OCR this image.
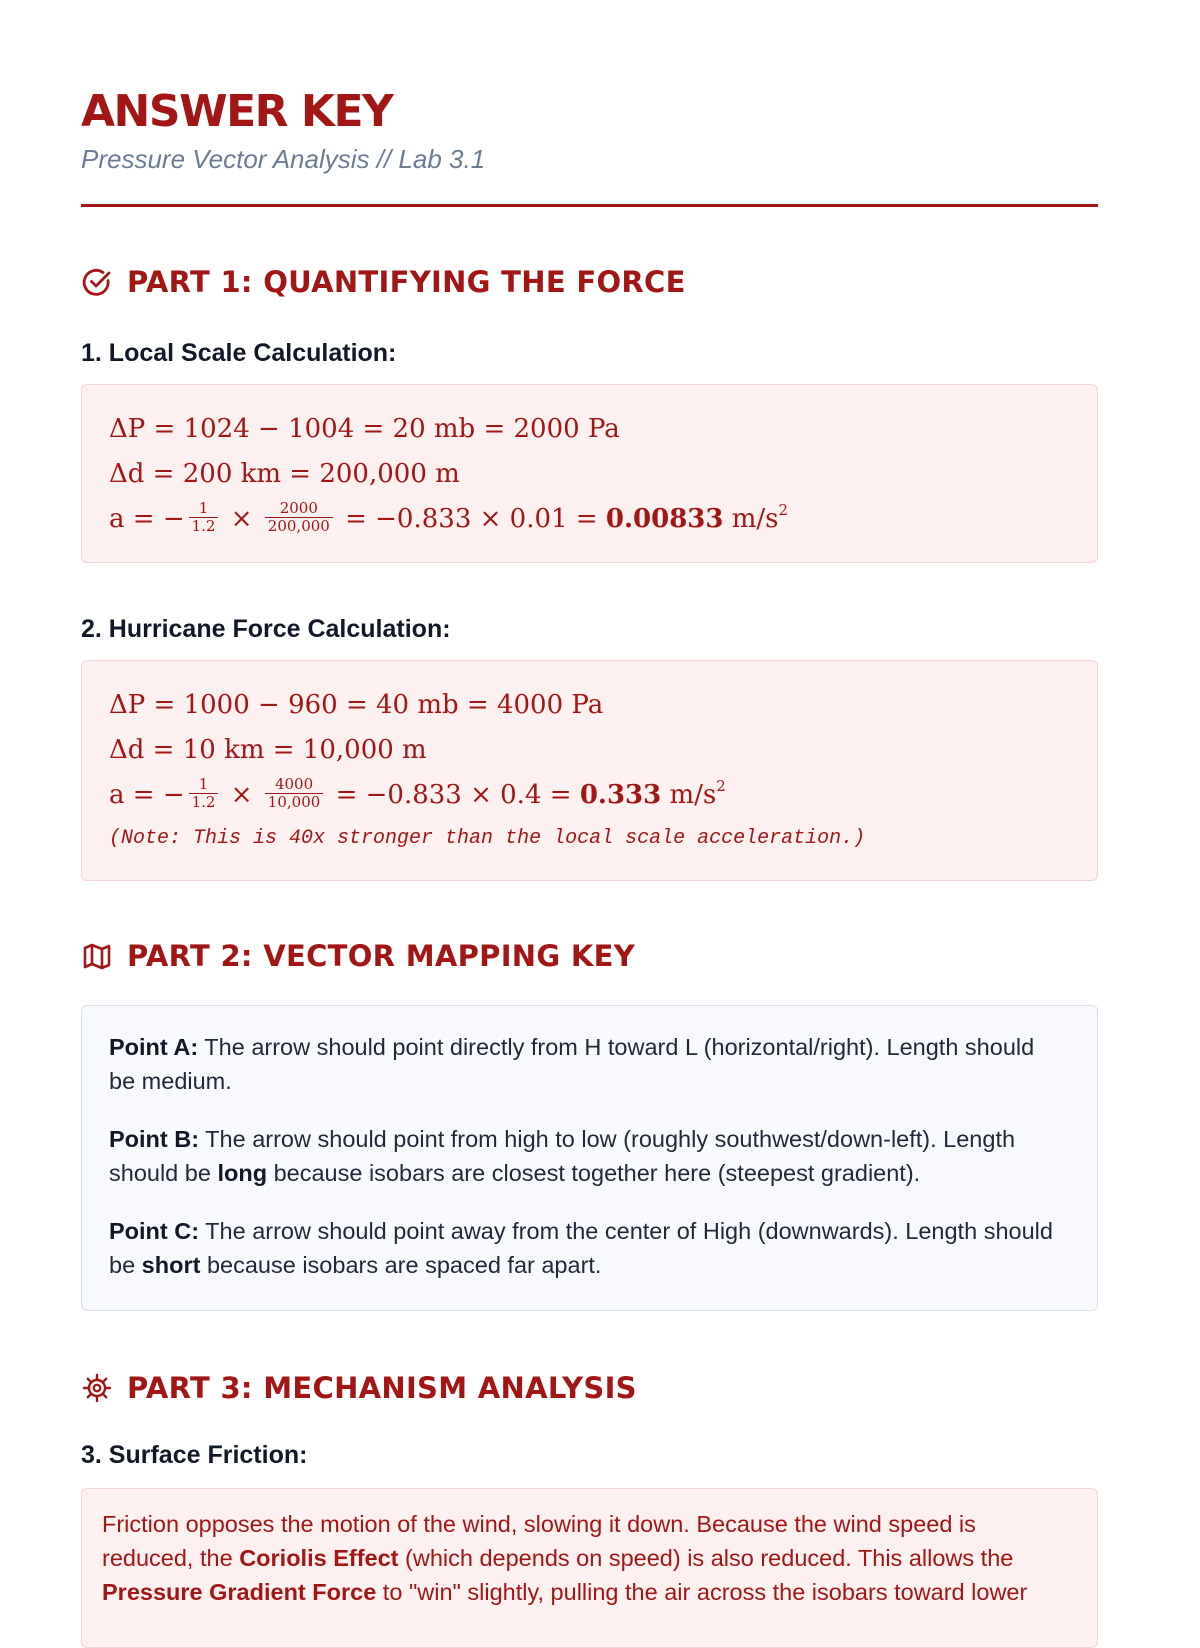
ANSWER KEY
Pressure Vector Analysis // Lab 3.1
PART 1: QUANTIFYING THE FORCE
1. Local Scale Calculation:
ΔP = 1024 − 1004 = 20 mb = 2000 Pa
Δd = 200 km = 200,000 m
a = − $\frac{1}{1.2} \times \frac{2000}{200,000} = -0.833 \times 0.01 = 0.00833$ $m/s^2$
2. Hurricane Force Calculation:
ΔP = 1000 − 960 = 40 mb = 4000 Pa
Δd = 10 km = 10,000 m
a = − $\frac{1}{1.2} \times \frac{4000}{10,000} = -0.833 \times 0.4 = 0.333$ $m/s^2$
(Note: This is 40x stronger than the local scale acceleration.)
PART 2: VECTOR MAPPING KEY

Point A: The arrow should point directly from H toward L (horizontal/right). Length should be medium.

Point B: The arrow should point from high to low (roughly southwest/down-left). Length should be long because isobars are closest together here (steepest gradient).

Point C: The arrow should point away from the center of High (downwards). Length should be short because isobars are spaced far apart.

PART 3: MECHANISM ANALYSIS
3. Surface Friction:
Friction opposes the motion of the wind, slowing it down. Because the wind speed is reduced, the Coriolis Effect (which depends on speed) is also reduced. This allows the Pressure Gradient Force to "win" slightly, pulling the air across the isobars toward lower
